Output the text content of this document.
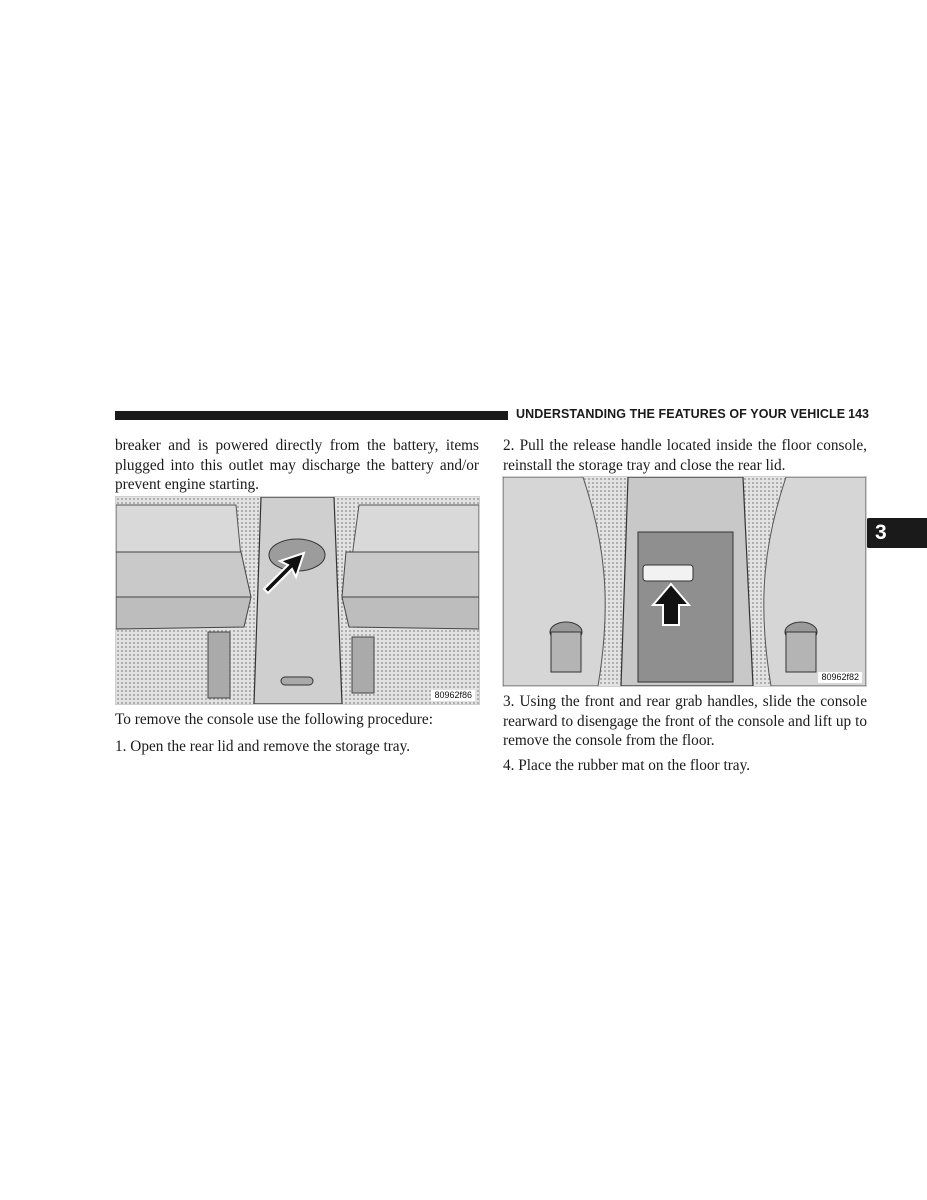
UNDERSTANDING THE FEATURES OF YOUR VEHICLE 143
3

breaker and is powered directly from the battery, items plugged into this outlet may discharge the battery and/or prevent engine starting.

80962f86

To remove the console use the following procedure:

1. Open the rear lid and remove the storage tray.

2. Pull the release handle located inside the floor console, reinstall the storage tray and close the rear lid.

80962f82

3. Using the front and rear grab handles, slide the console rearward to disengage the front of the console and lift up to remove the console from the floor.

4. Place the rubber mat on the floor tray.
